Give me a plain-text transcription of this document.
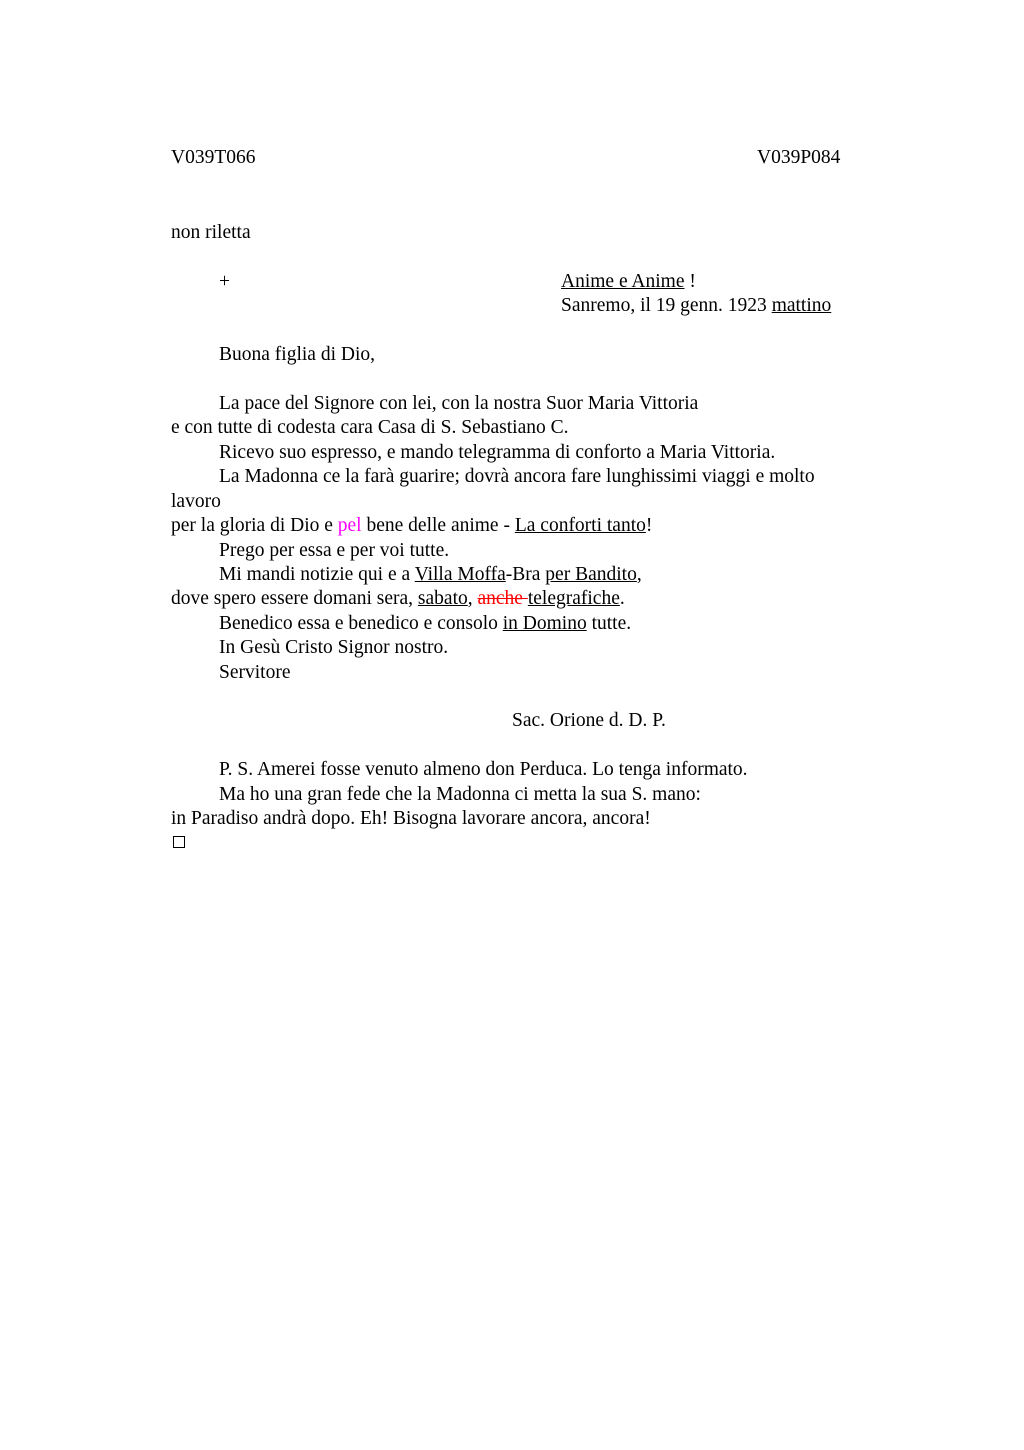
V039T066	V039P084
non riletta
+	Anime e Anime !
Sanremo, il 19 genn. 1923 mattino
Buona figlia di Dio,
La pace del Signore con lei, con la nostra Suor Maria Vittoria
e con tutte di codesta cara Casa di S. Sebastiano C.
Ricevo suo espresso, e mando telegramma di conforto a Maria Vittoria.
La Madonna ce la farà guarire; dovrà ancora fare lunghissimi viaggi e molto
lavoro
per la gloria di Dio e pel bene delle anime - La conforti tanto!
Prego per essa e per voi tutte.
Mi mandi notizie qui e a Villa Moffa-Bra per Bandito,
dove spero essere domani sera, sabato, anche telegrafiche.
Benedico essa e benedico e consolo in Domino tutte.
In Gesù Cristo Signor nostro.
Servitore
Sac. Orione d. D. P.
P. S. Amerei fosse venuto almeno don Perduca. Lo tenga informato.
Ma ho una gran fede che la Madonna ci metta la sua S. mano:
in Paradiso andrà dopo. Eh! Bisogna lavorare ancora, ancora!
